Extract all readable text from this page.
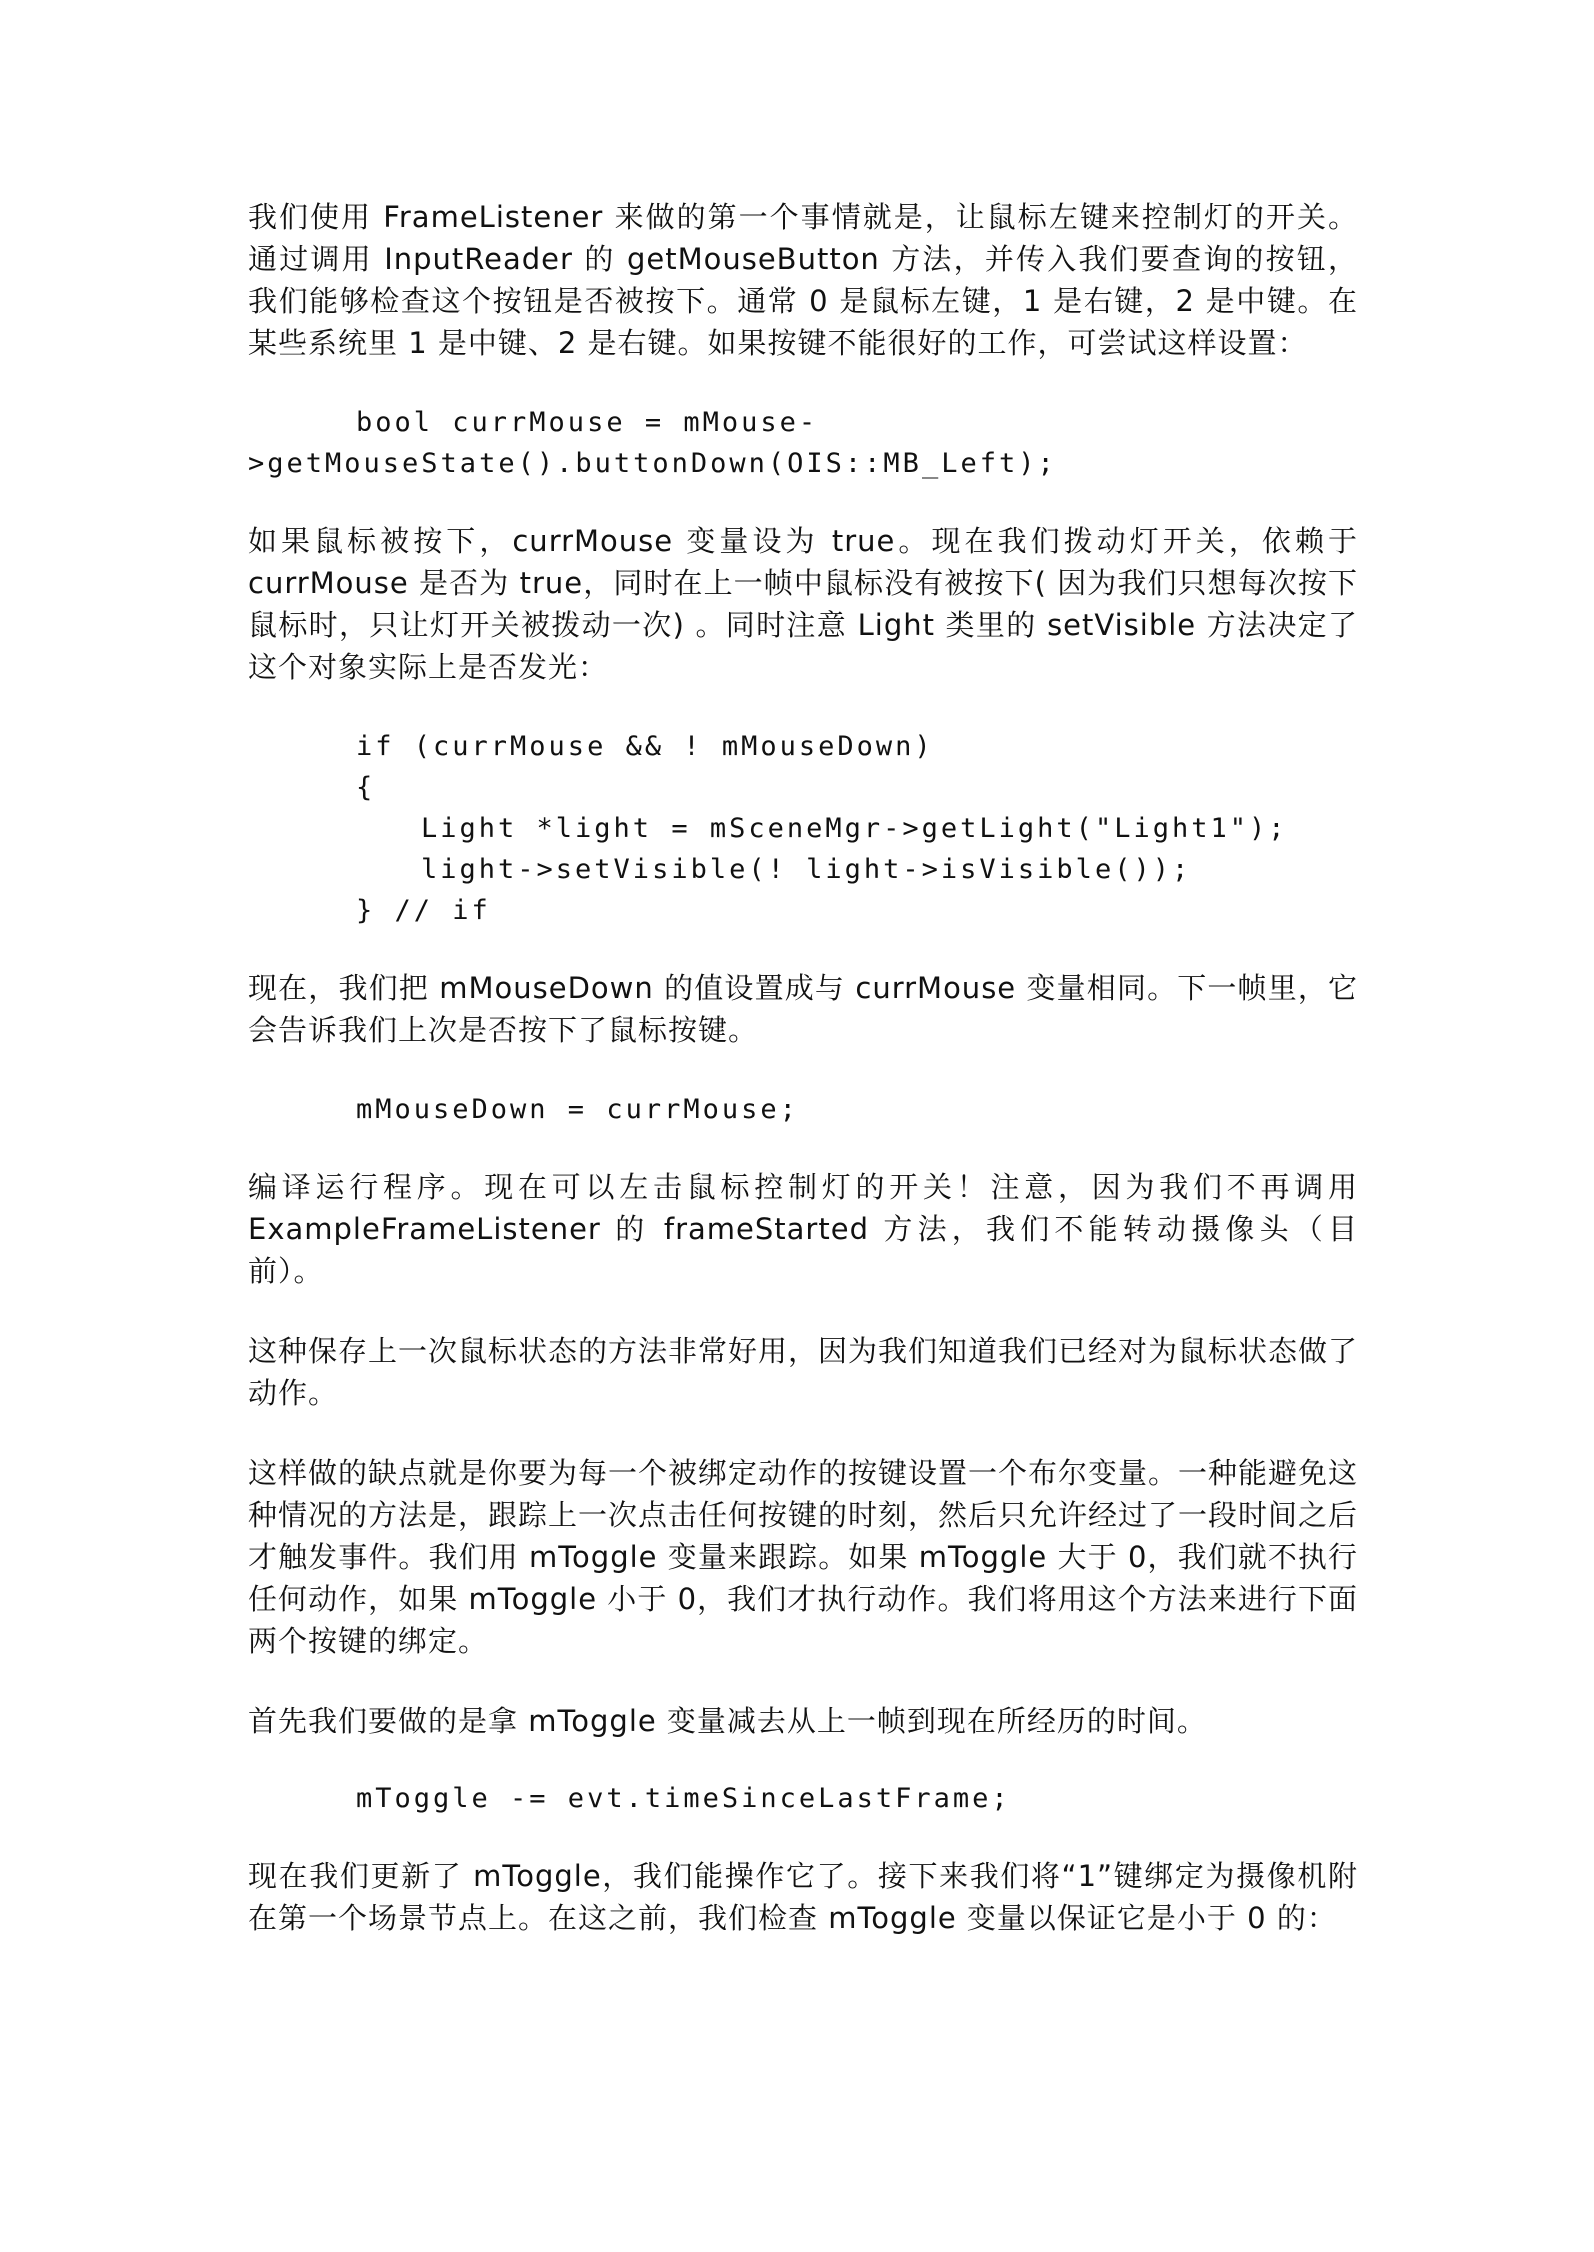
我们使用 FrameListener 来做的第一个事情就是，让鼠标左键来控制灯的开关。通过调用 InputReader 的 getMouseButton 方法，并传入我们要查询的按钮，我们能够检查这个按钮是否被按下。通常 0 是鼠标左键，1 是右键，2 是中键。在某些系统里 1 是中键、2 是右键。如果按键不能很好的工作，可尝试这样设置：

bool currMouse = mMouse-
>getMouseState().buttonDown(OIS::MB_Left);

如果鼠标被按下，currMouse 变量设为 true。现在我们拨动灯开关，依赖于 currMouse 是否为 true，同时在上一帧中鼠标没有被按下( 因为我们只想每次按下鼠标时，只让灯开关被拨动一次) 。同时注意 Light 类里的 setVisible 方法决定了这个对象实际上是否发光：

if (currMouse && ! mMouseDown)
{
Light *light = mSceneMgr->getLight("Light1");
light->setVisible(! light->isVisible());
} // if

现在，我们把 mMouseDown 的值设置成与 currMouse 变量相同。下一帧里，它会告诉我们上次是否按下了鼠标按键。

mMouseDown = currMouse;

编译运行程序。现在可以左击鼠标控制灯的开关！注意，因为我们不再调用 ExampleFrameListener 的 frameStarted 方法，我们不能转动摄像头（目前）。

这种保存上一次鼠标状态的方法非常好用，因为我们知道我们已经对为鼠标状态做了动作。

这样做的缺点就是你要为每一个被绑定动作的按键设置一个布尔变量。一种能避免这种情况的方法是，跟踪上一次点击任何按键的时刻，然后只允许经过了一段时间之后才触发事件。我们用 mToggle 变量来跟踪。如果 mToggle 大于 0，我们就不执行任何动作，如果 mToggle 小于 0，我们才执行动作。我们将用这个方法来进行下面两个按键的绑定。

首先我们要做的是拿 mToggle 变量减去从上一帧到现在所经历的时间。

mToggle -= evt.timeSinceLastFrame;

现在我们更新了 mToggle，我们能操作它了。接下来我们将“1”键绑定为摄像机附在第一个场景节点上。在这之前，我们检查 mToggle 变量以保证它是小于 0 的：
